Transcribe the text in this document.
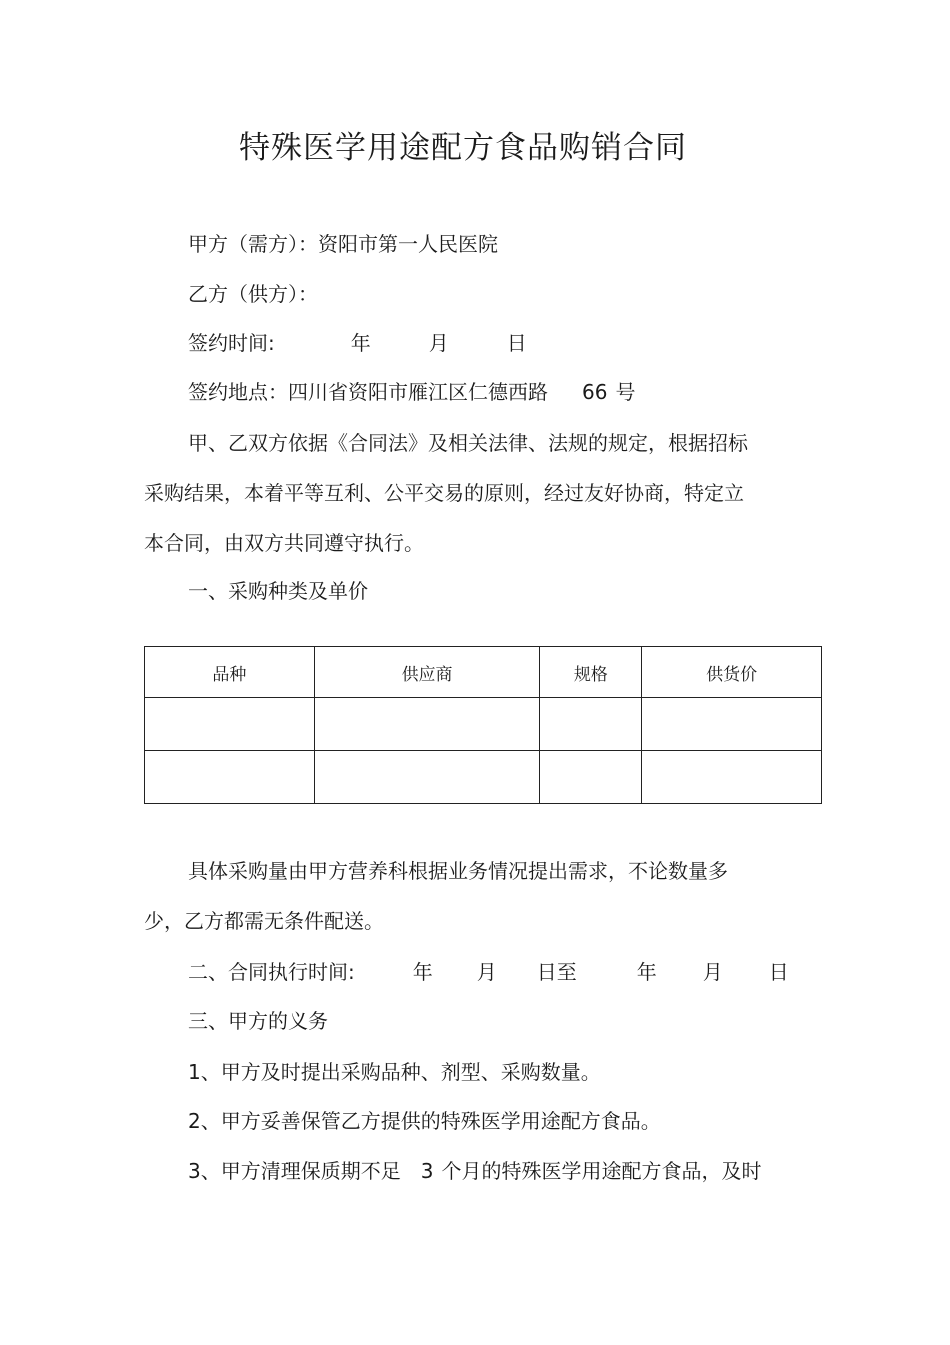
特殊医学用途配方食品购销合同
甲方（需方）：资阳市第一人民医院
乙方（供方）：
签约时间:	年	月	日
签约地点：四川省资阳市雁江区仁德西路 66 号
甲、乙双方依据《合同法》及相关法律、法规的规定，根据招标
采购结果，本着平等互利、公平交易的原则，经过友好协商，特定立
本合同，由双方共同遵守执行。
一、采购种类及单价
品种	供应商	规格	供货价

具体采购量由甲方营养科根据业务情况提出需求，不论数量多
少，乙方都需无条件配送。
二、合同执行时间:	年 月 日至	年 月 日
三、甲方的义务
1、甲方及时提出采购品种、剂型、采购数量。
2、甲方妥善保管乙方提供的特殊医学用途配方食品。
3、甲方清理保质期不足 3 个月的特殊医学用途配方食品，及时
